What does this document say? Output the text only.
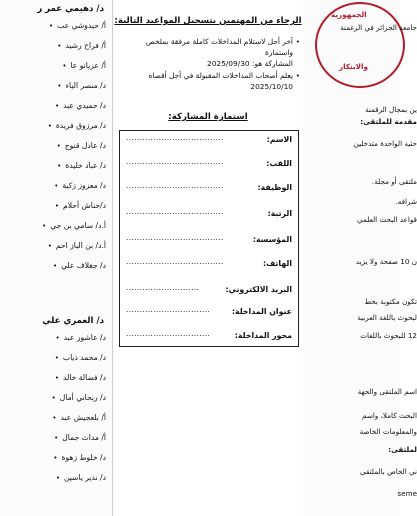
د/ دهيمي عمر ر
أ/ حيدوشي عب •
أ/ فراح رشيد •
أ/ عزيانو عا •
د/ منصر الياء •
د/ حميدي عبد •
د/ مرزوق فريدة •
د/ عادل قنوج •
د/ عباد خليدة •
د/ معزوز زكية •
د/حناش أحلام •
أ.د/ سامي بن جي •
أ.د/ بن الباز احم •
د/ جغلاف علي •
د/ العمري علي
د/ عاشور عبد •
د/ محمد ذياب •
د/ فضالة خالد •
د/ ربحاني أمال •
أ/ بلعجيش عبد •
أ/ مداث جمال •
د/ خلوط زهوة •
د/ نذير ياسين •
الرجاء من المهتمين بتسجيل المواعيد التالية:
•
آخر أجل لاستلام المداخلات كاملة مرفقة بملخص واستمارة
المشاركة هو: 2025/09/30
•
يعلم أصحاب المداخلات المقبولة في أجل أقصاه
2025/10/10
استمارة المشاركة:
الاسم:
....................................
اللقب:
....................................
الوظيفة:
....................................
الرتبة:
....................................
المؤسسة:
....................................
الهاتف:
....................................
البريد الالكتروني:
...........................
عنوان المداخلة:
...............................
محور المداخلة:
...............................
الجمهورية
والابتكار
جامعة الجزائر في الرغمنة
ين بمجال الرقمنة
مقدمة للملتقى:
حثية الواحدة متدخلين
ملتقى أو مجلة.
شرافه.
قواعد البحث العلمي
ن 10 صفحة ولا يزيد
تكون مكتوبة بخط
لبحوث باللغة العربية
12 للبحوث باللغات
اسم الملتقى والجهة
البحث كاملا، واسم
والمعلومات الخاصة
لملتقى:
ني الخاص بالملتقى
seme
